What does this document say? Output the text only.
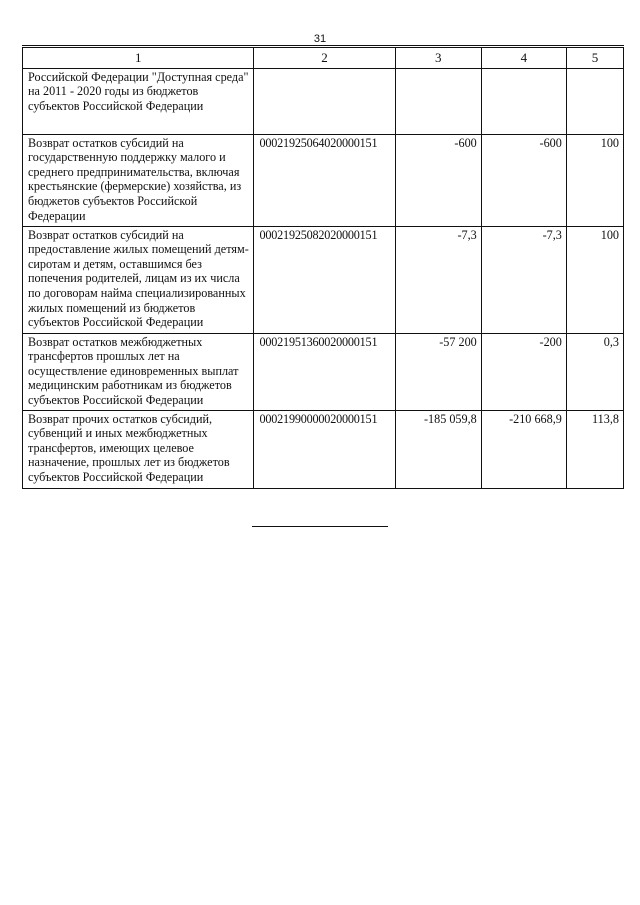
31
1	2	3	4	5
Российской Федерации "Доступная среда" на 2011 - 2020 годы из бюджетов субъектов Российской Федерации				
Возврат остатков субсидий на государственную поддержку малого и среднего предпринимательства, включая крестьянские (фермерские) хозяйства, из бюджетов субъектов Российской Федерации	00021925064020000151	-600	-600	100
Возврат остатков субсидий на предоставление жилых помещений детям-сиротам и детям, оставшимся без попечения родителей, лицам из их числа по договорам найма специализированных жилых помещений из бюджетов субъектов Российской Федерации	00021925082020000151	-7,3	-7,3	100
Возврат остатков межбюджетных трансфертов прошлых лет на осуществление единовременных выплат медицинским работникам из бюджетов субъектов Российской Федерации	00021951360020000151	-57 200	-200	0,3
Возврат прочих остатков субсидий, субвенций и иных межбюджетных трансфертов, имеющих целевое назначение, прошлых лет из бюджетов субъектов Российской Федерации	00021990000020000151	-185 059,8	-210 668,9	113,8
